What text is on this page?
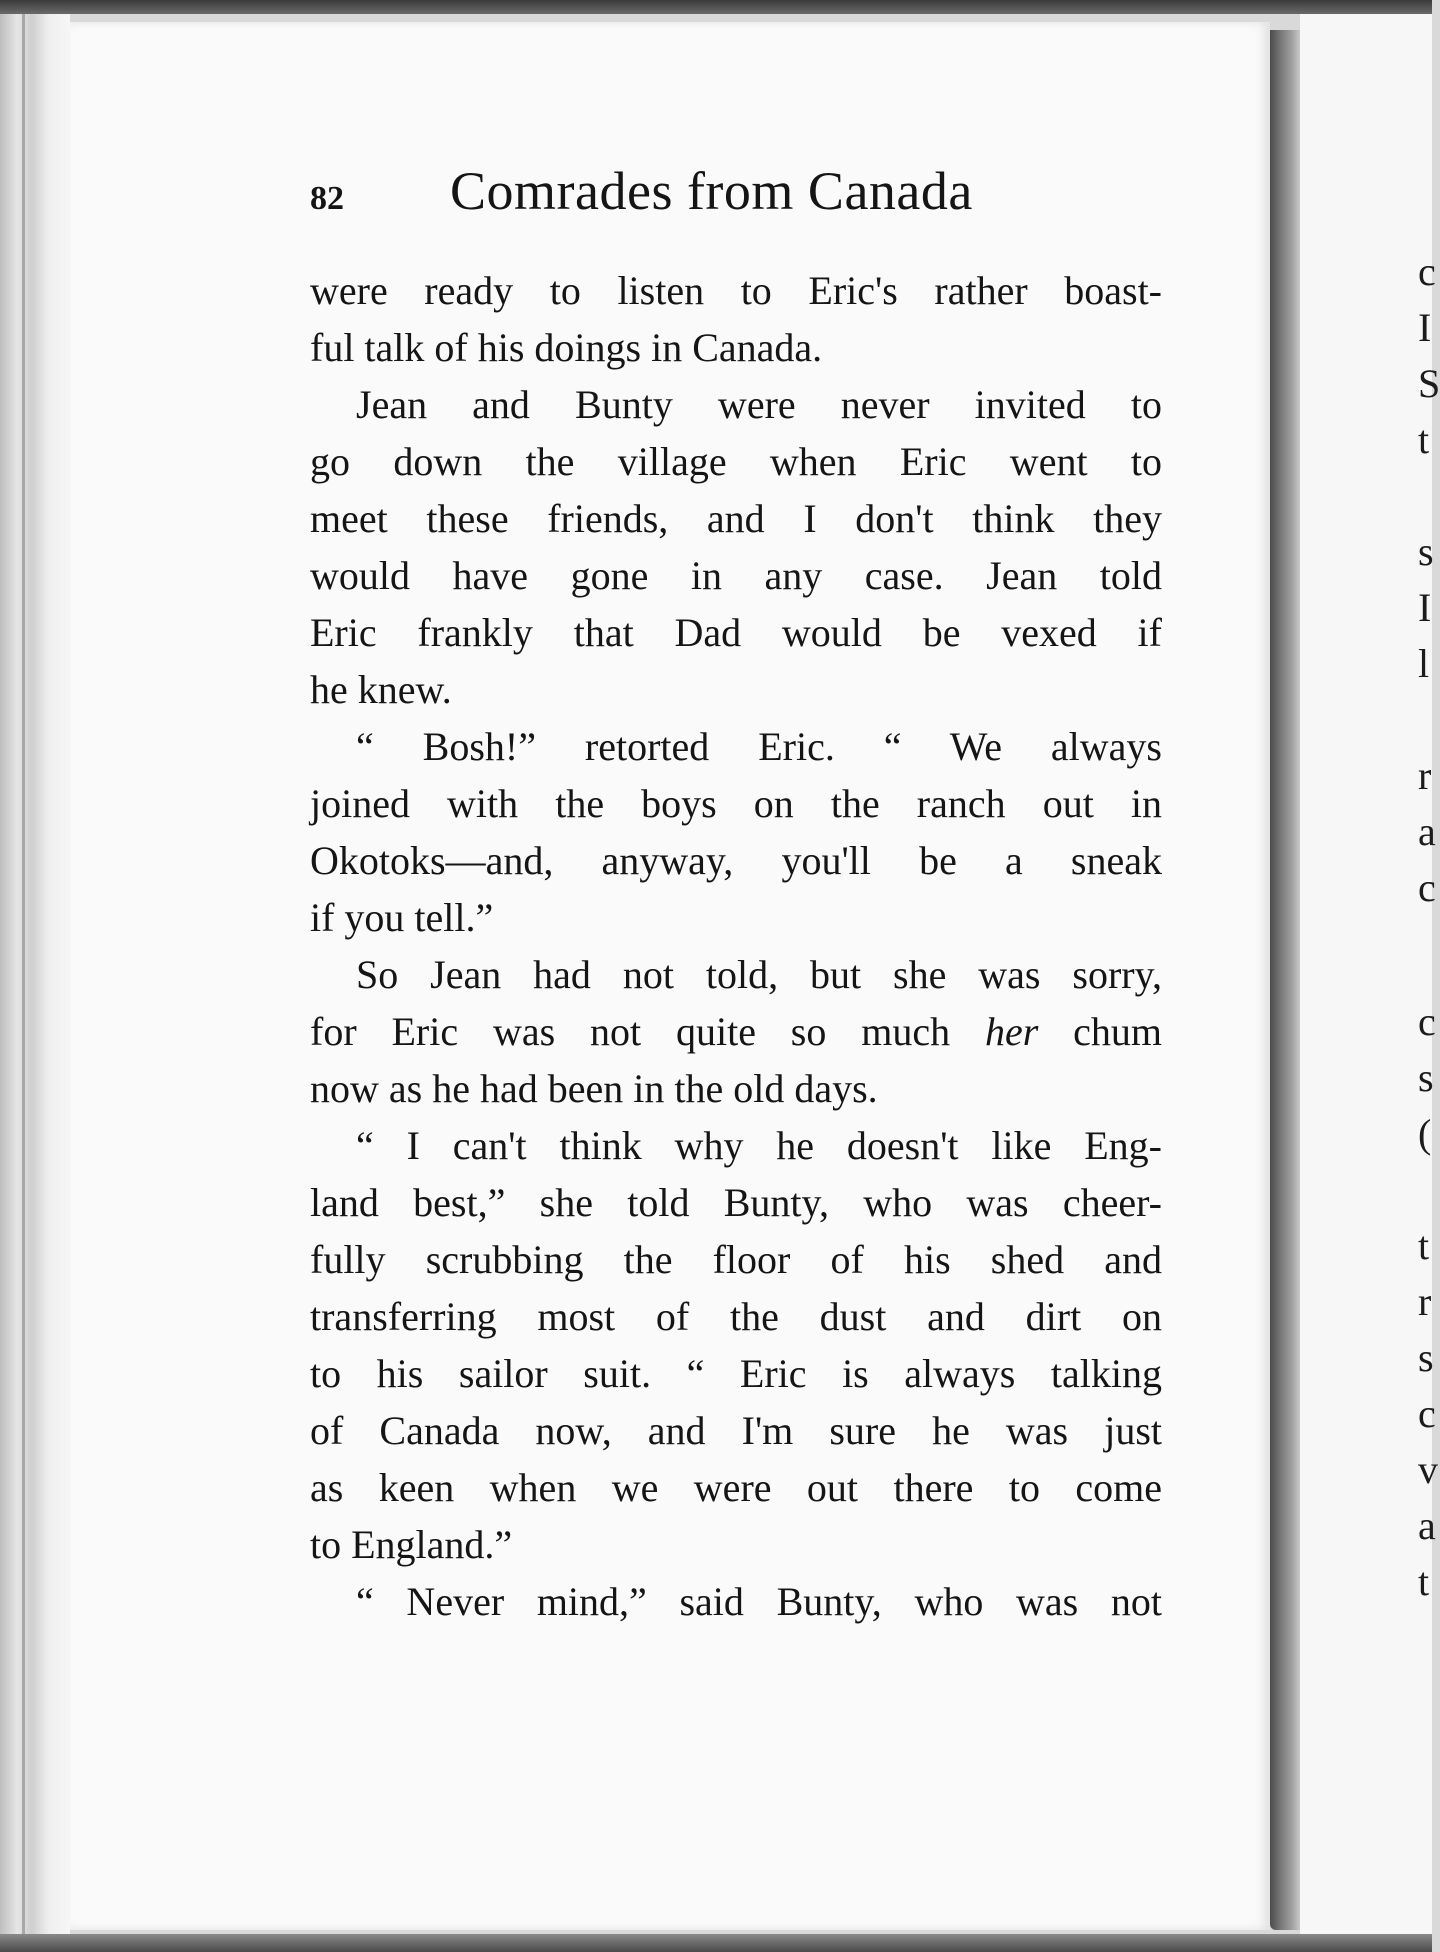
c
I
S
t
s
I
l
r
a
c
c
s
(
t
r
s
c
v
a
t
82 Comrades from Canada
were ready to listen to Eric's rather boast-
ful talk of his doings in Canada.
Jean and Bunty were never invited to
go down the village when Eric went to
meet these friends, and I don't think they
would have gone in any case. Jean told
Eric frankly that Dad would be vexed if
he knew.
“ Bosh!” retorted Eric. “ We always
joined with the boys on the ranch out in
Okotoks—and, anyway, you'll be a sneak
if you tell.”
So Jean had not told, but she was sorry,
for Eric was not quite so much her chum
now as he had been in the old days.
“ I can't think why he doesn't like Eng-
land best,” she told Bunty, who was cheer-
fully scrubbing the floor of his shed and
transferring most of the dust and dirt on
to his sailor suit. “ Eric is always talking
of Canada now, and I'm sure he was just
as keen when we were out there to come
to England.”
“ Never mind,” said Bunty, who was not
